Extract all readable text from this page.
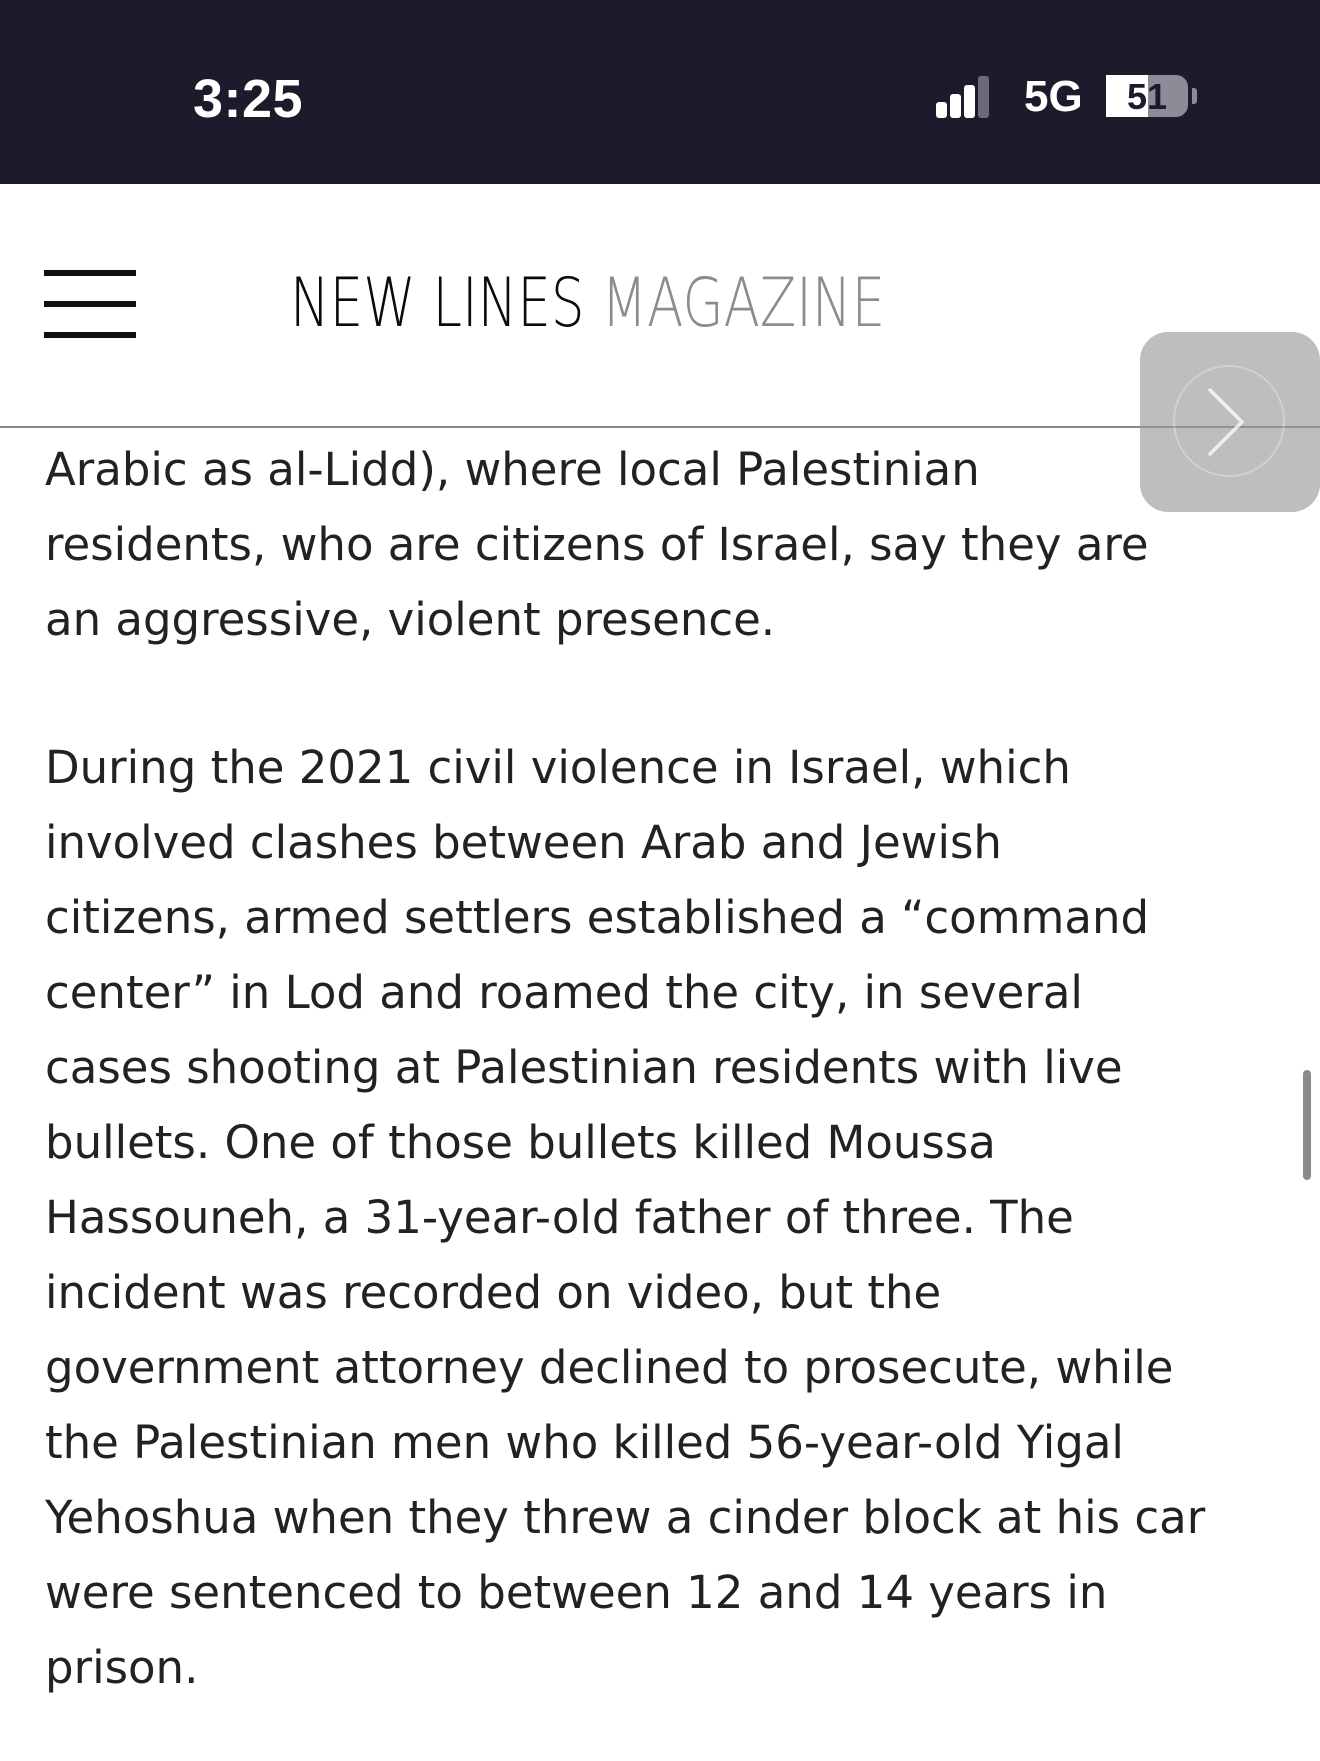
3:25	5G	51
NEW LINES MAGAZINE

Arabic as al-Lidd), where local Palestinian
residents, who are citizens of Israel, say they are
an aggressive, violent presence.

During the 2021 civil violence in Israel, which
involved clashes between Arab and Jewish
citizens, armed settlers established a “command
center” in Lod and roamed the city, in several
cases shooting at Palestinian residents with live
bullets. One of those bullets killed Moussa
Hassouneh, a 31-year-old father of three. The
incident was recorded on video, but the
government attorney declined to prosecute, while
the Palestinian men who killed 56-year-old Yigal
Yehoshua when they threw a cinder block at his car
were sentenced to between 12 and 14 years in
prison.
